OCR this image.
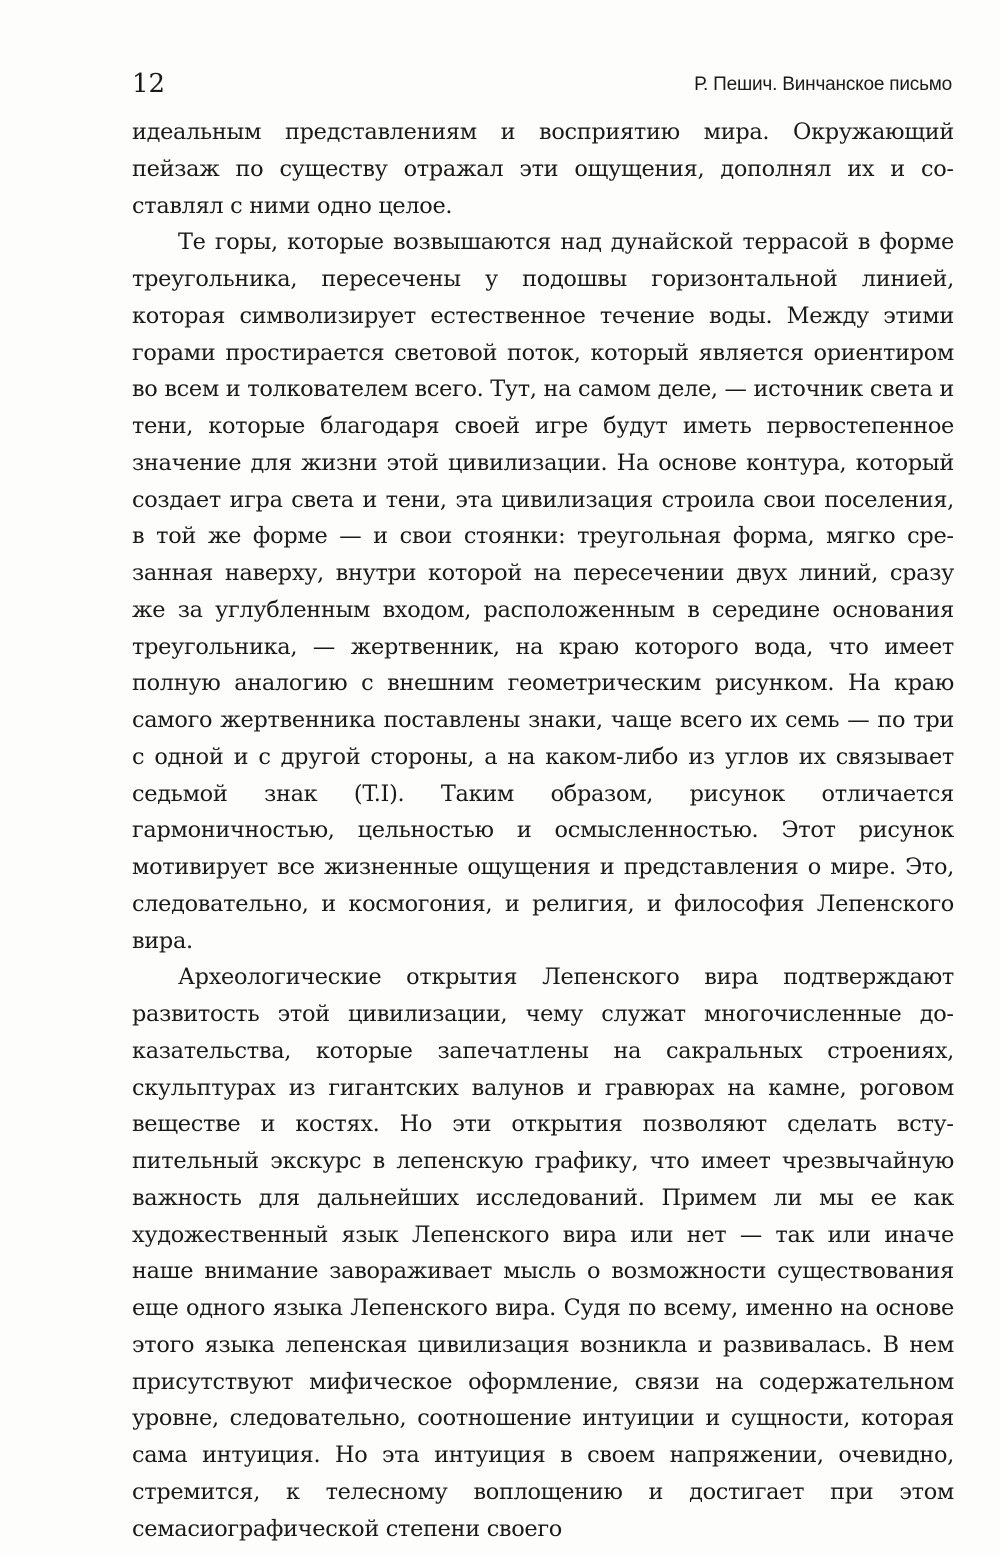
12	Р. Пешич. Винчанское письмо

идеальным представлениям и восприятию мира. Окружающий пейзаж по существу отражал эти ощущения, дополнял их и составлял с ними одно целое.

Те горы, которые возвышаются над дунайской террасой в форме треугольника, пересечены у подошвы горизонтальной линией, которая символизирует естественное течение воды. Между этими горами простирается световой поток, который является ориентиром во всем и толкователем всего. Тут, на самом деле, — источник света и тени, которые благодаря своей игре будут иметь первостепенное значение для жизни этой цивилизации. На основе контура, который создает игра света и тени, эта цивилизация строила свои поселения, в той же форме — и свои стоянки: треугольная форма, мягко срезанная наверху, внутри которой на пересечении двух линий, сразу же за углубленным входом, расположенным в середине основания треугольника, — жертвенник, на краю которого вода, что имеет полную аналогию с внешним геометрическим рисунком. На краю самого жертвенника поставлены знаки, чаще всего их семь — по три с одной и с другой стороны, а на каком-либо из углов их связывает седьмой знак (T.I). Таким образом, рисунок отличается гармоничностью, цельностью и осмысленностью. Этот рисунок мотивирует все жизненные ощущения и представления о мире. Это, следовательно, и космогония, и религия, и философия Лепенского вира.

Археологические открытия Лепенского вира подтверждают развитость этой цивилизации, чему служат многочисленные доказательства, которые запечатлены на сакральных строениях, скульптурах из гигантских валунов и гравюрах на камне, роговом веществе и костях. Но эти открытия позволяют сделать вступительный экскурс в лепенскую графику, что имеет чрезвычайную важность для дальнейших исследований. Примем ли мы ее как художественный язык Лепенского вира или нет — так или иначе наше внимание завораживает мысль о возможности существования еще одного языка Лепенского вира. Судя по всему, именно на основе этого языка лепенская цивилизация возникла и развивалась. В нем присутствуют мифическое оформление, связи на содержательном уровне, следовательно, соотношение интуиции и сущности, которая сама интуиция. Но эта интуиция в своем напряжении, очевидно, стремится, к телесному воплощению и достигает при этом семасиографической степени своего
